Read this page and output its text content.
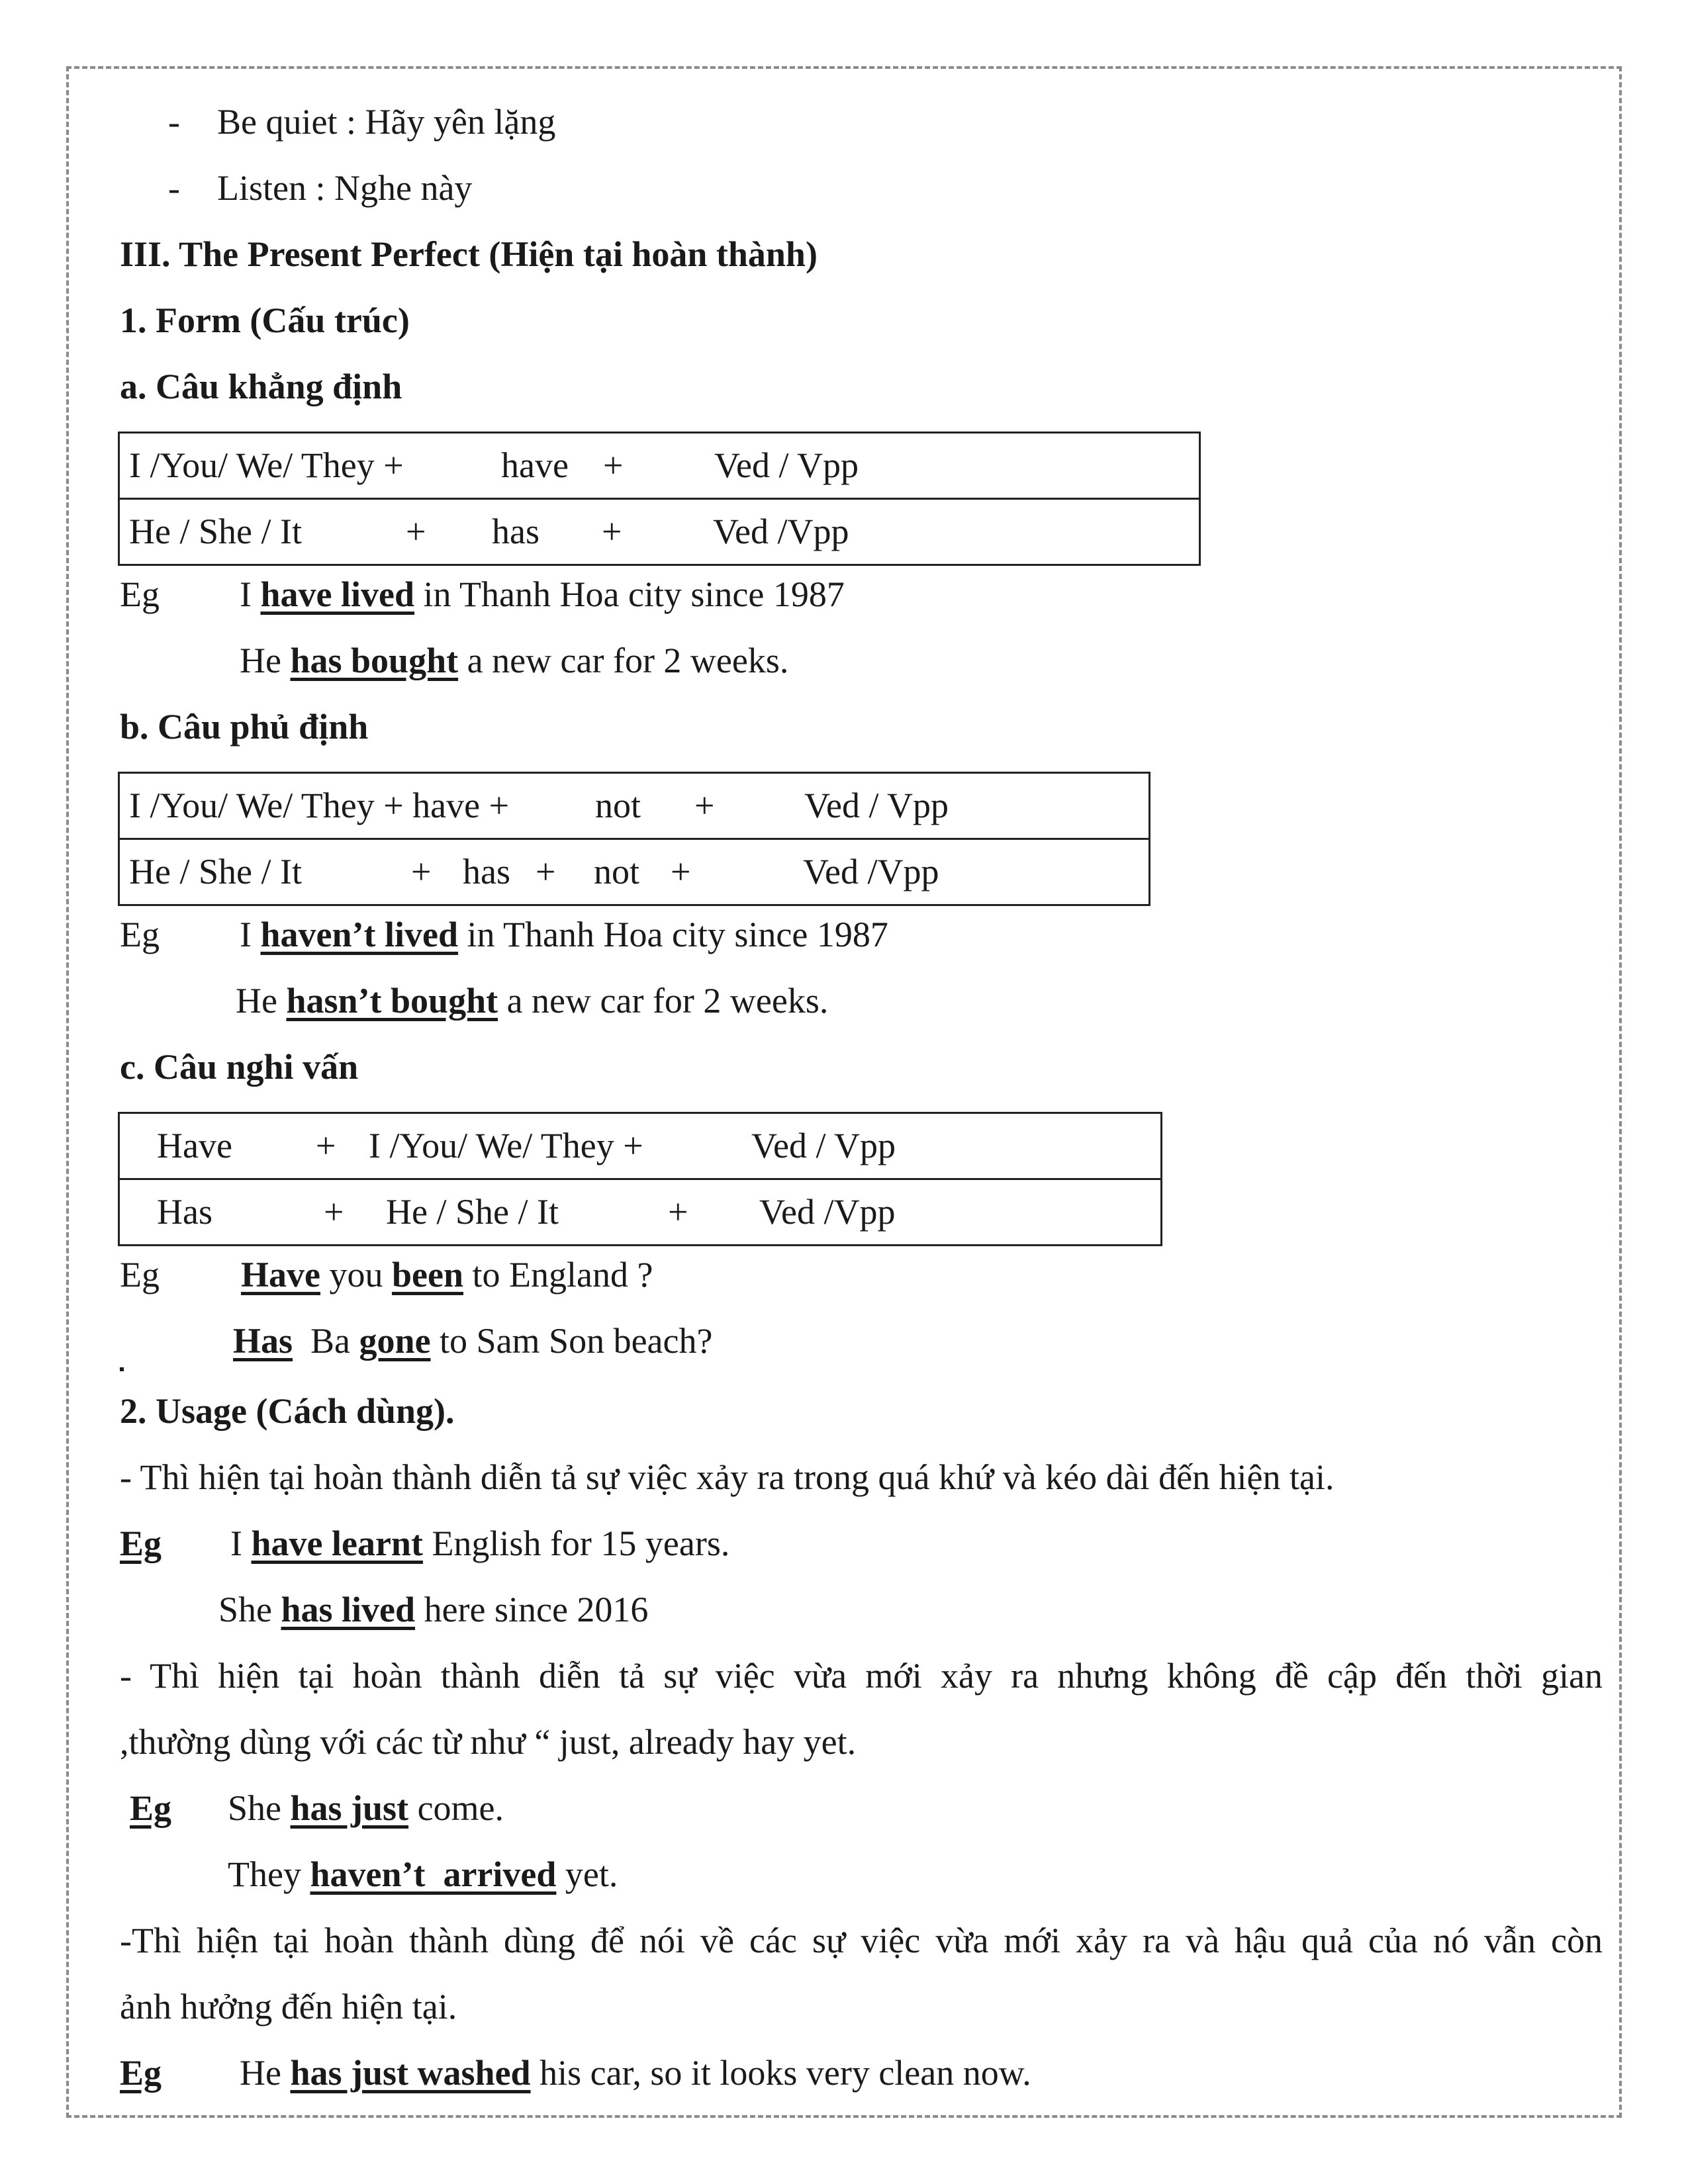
- Be quiet : Hãy yên lặng
- Listen : Nghe này
III. The Present Perfect (Hiện tại hoàn thành)
1. Form (Cấu trúc)
a. Câu khẳng định
I /You/ We/ They +	have +	Ved / Vpp

He / She / It	+ has +	Ved /Vpp
Eg I have lived in Thanh Hoa city since 1987
He has bought a new car for 2 weeks.
b. Câu phủ định
I /You/ We/ They + have + not +	Ved / Vpp

He / She / It	+ has + not +	Ved /Vpp
Eg I haven’t lived in Thanh Hoa city since 1987
He hasn’t bought a new car for 2 weeks.
c. Câu nghi vấn
Have + I /You/ We/ They +	Ved / Vpp

Has	+ He / She / It	+ Ved /Vpp
Eg Have you been to England ?
Has  Ba gone to Sam Son beach?
2. Usage (Cách dùng).
- Thì hiện tại hoàn thành diễn tả sự việc xảy ra trong quá khứ và kéo dài đến hiện tại.
Eg I have learnt English for 15 years.
She has lived here since 2016
- Thì hiện tại hoàn thành diễn tả sự việc vừa mới xảy ra nhưng không đề cập đến thời gian
,thường dùng với các từ như “ just, already hay yet.
Eg She has just come.
They haven’t  arrived yet.
-Thì hiện tại hoàn thành dùng để nói về các sự việc vừa mới xảy ra và hậu quả của nó vẫn còn
ảnh hưởng đến hiện tại.
Eg He has just washed his car, so it looks very clean now.
